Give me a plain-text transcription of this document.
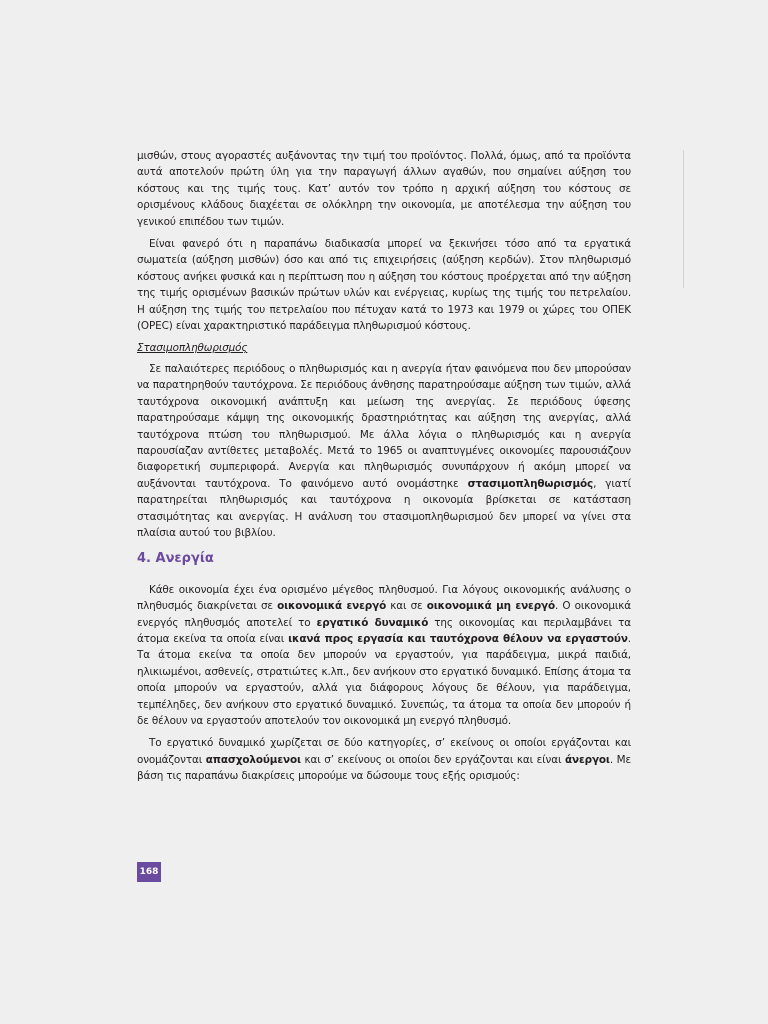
μισθών, στους αγοραστές αυξάνοντας την τιμή του προϊόντος. Πολλά, όμως, από τα προϊόντα αυτά αποτελούν πρώτη ύλη για την παραγωγή άλλων αγαθών, που σημαίνει αύξηση του κόστους και της τιμής τους. Κατ’ αυτόν τον τρόπο η αρχική αύξηση του κόστους σε ορισμένους κλάδους διαχέεται σε ολόκληρη την οικονομία, με αποτέλεσμα την αύξηση του γενικού επιπέδου των τιμών.

Είναι φανερό ότι η παραπάνω διαδικασία μπορεί να ξεκινήσει τόσο από τα εργατικά σωματεία (αύξηση μισθών) όσο και από τις επιχειρήσεις (αύξηση κερδών). Στον πληθωρισμό κόστους ανήκει φυσικά και η περίπτωση που η αύξηση του κόστους προέρχεται από την αύξηση της τιμής ορισμένων βασικών πρώτων υλών και ενέργειας, κυρίως της τιμής του πετρελαίου. Η αύξηση της τιμής του πετρελαίου που πέτυχαν κατά το 1973 και 1979 οι χώρες του ΟΠΕΚ (OPEC) είναι χαρακτηριστικό παράδειγμα πληθωρισμού κόστους.

Στασιμοπληθωρισμός

Σε παλαιότερες περιόδους ο πληθωρισμός και η ανεργία ήταν φαινόμενα που δεν μπορούσαν να παρατηρηθούν ταυτόχρονα. Σε περιόδους άνθησης παρατηρούσαμε αύξηση των τιμών, αλλά ταυτόχρονα οικονομική ανάπτυξη και μείωση της ανεργίας. Σε περιόδους ύφεσης παρατηρούσαμε κάμψη της οικονομικής δραστηριότητας και αύξηση της ανεργίας, αλλά ταυτόχρονα πτώση του πληθωρισμού. Με άλλα λόγια ο πληθωρισμός και η ανεργία παρουσίαζαν αντίθετες μεταβολές. Μετά το 1965 οι αναπτυγμένες οικονομίες παρουσιάζουν διαφορετική συμπεριφορά. Ανεργία και πληθωρισμός συνυπάρχουν ή ακόμη μπορεί να αυξάνονται ταυτόχρονα. Το φαινόμενο αυτό ονομάστηκε στασιμοπληθωρισμός, γιατί παρατηρείται πληθωρισμός και ταυτόχρονα η οικονομία βρίσκεται σε κατάσταση στασιμότητας και ανεργίας. Η ανάλυση του στασιμοπληθωρισμού δεν μπορεί να γίνει στα πλαίσια αυτού του βιβλίου.

4. Ανεργία

Κάθε οικονομία έχει ένα ορισμένο μέγεθος πληθυσμού. Για λόγους οικονομικής ανάλυσης ο πληθυσμός διακρίνεται σε οικονομικά ενεργό και σε οικονομικά μη ενεργό. Ο οικονομικά ενεργός πληθυσμός αποτελεί το εργατικό δυναμικό της οικονομίας και περιλαμβάνει τα άτομα εκείνα τα οποία είναι ικανά προς εργασία και ταυτόχρονα θέλουν να εργαστούν. Τα άτομα εκείνα τα οποία δεν μπορούν να εργαστούν, για παράδειγμα, μικρά παιδιά, ηλικιωμένοι, ασθενείς, στρατιώτες κ.λπ., δεν ανήκουν στο εργατικό δυναμικό. Επίσης άτομα τα οποία μπορούν να εργαστούν, αλλά για διάφορους λόγους δε θέλουν, για παράδειγμα, τεμπέληδες, δεν ανήκουν στο εργατικό δυναμικό. Συνεπώς, τα άτομα τα οποία δεν μπορούν ή δε θέλουν να εργαστούν αποτελούν τον οικονομικά μη ενεργό πληθυσμό.

Το εργατικό δυναμικό χωρίζεται σε δύο κατηγορίες, σ’ εκείνους οι οποίοι εργάζονται και ονομάζονται απασχολούμενοι και σ’ εκείνους οι οποίοι δεν εργάζονται και είναι άνεργοι. Με βάση τις παραπάνω διακρίσεις μπορούμε να δώσουμε τους εξής ορισμούς:

168
